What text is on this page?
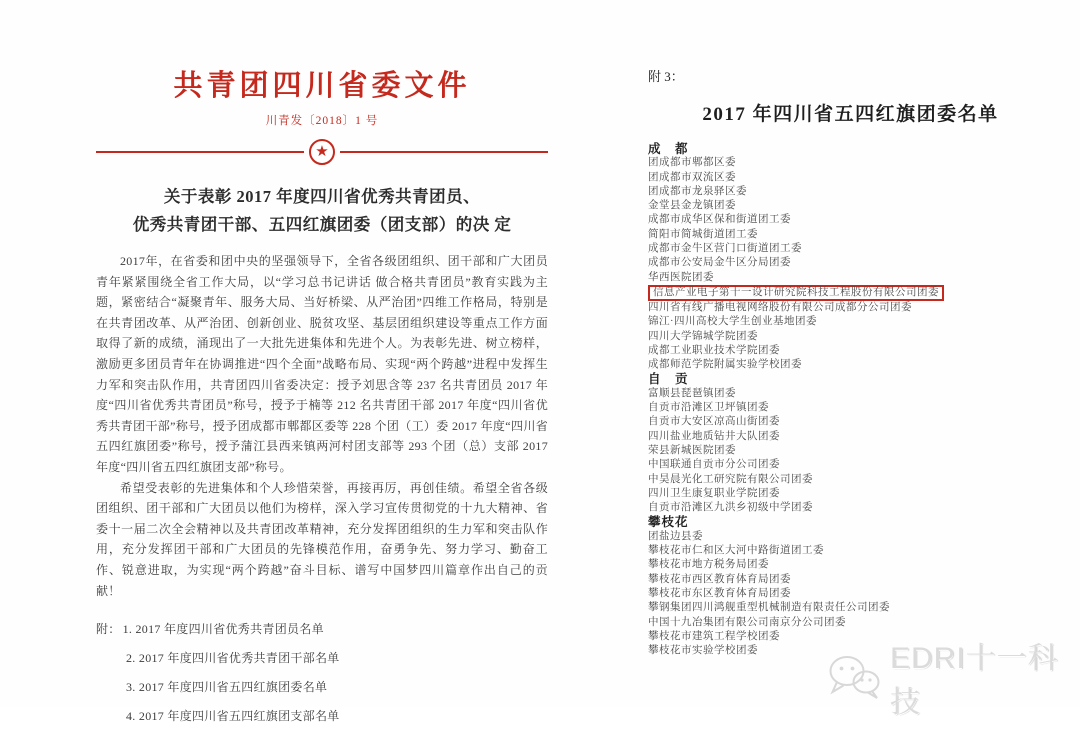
共青团四川省委文件
川青发〔2018〕1 号
★
关于表彰 2017 年度四川省优秀共青团员、
优秀共青团干部、五四红旗团委（团支部）的决 定

2017年，在省委和团中央的坚强领导下，全省各级团组织、团干部和广大团员青年紧紧围绕全省工作大局，以“学习总书记讲话 做合格共青团员”教育实践为主题，紧密结合“凝聚青年、服务大局、当好桥梁、从严治团”四维工作格局，特别是在共青团改革、从严治团、创新创业、脱贫攻坚、基层团组织建设等重点工作方面取得了新的成绩，涌现出了一大批先进集体和先进个人。为表彰先进、树立榜样，激励更多团员青年在协调推进“四个全面”战略布局、实现“两个跨越”进程中发挥生力军和突击队作用，共青团四川省委决定：授予刘思含等 237 名共青团员 2017 年度“四川省优秀共青团员”称号，授予于楠等 212 名共青团干部 2017 年度“四川省优秀共青团干部”称号，授予团成都市郫都区委等 228 个团（工）委 2017 年度“四川省五四红旗团委”称号，授予蒲江县西来镇两河村团支部等 293 个团（总）支部 2017 年度“四川省五四红旗团支部”称号。

希望受表彰的先进集体和个人珍惜荣誉，再接再厉，再创佳绩。希望全省各级团组织、团干部和广大团员以他们为榜样，深入学习宣传贯彻党的十九大精神、省委十一届二次全会精神以及共青团改革精神，充分发挥团组织的生力军和突击队作用，充分发挥团干部和广大团员的先锋模范作用，奋勇争先、努力学习、勤奋工作、锐意进取，为实现“两个跨越”奋斗目标、谱写中国梦四川篇章作出自己的贡献！

附： 1. 2017 年度四川省优秀共青团员名单
2. 2017 年度四川省优秀共青团干部名单
3. 2017 年度四川省五四红旗团委名单
4. 2017 年度四川省五四红旗团支部名单
附 3：
2017 年四川省五四红旗团委名单
成　都
团成都市郫都区委
团成都市双流区委
团成都市龙泉驿区委
金堂县金龙镇团委
成都市成华区保和街道团工委
简阳市简城街道团工委
成都市金牛区营门口街道团工委
成都市公安局金牛区分局团委
华西医院团委
信息产业电子第十一设计研究院科技工程股份有限公司团委
四川省有线广播电视网络股份有限公司成都分公司团委
锦江·四川高校大学生创业基地团委
四川大学锦城学院团委
成都工业职业技术学院团委
成都师范学院附属实验学校团委
自　贡
富顺县琵琶镇团委
自贡市沿滩区卫坪镇团委
自贡市大安区凉高山街团委
四川盐业地质钻井大队团委
荣县新城医院团委
中国联通自贡市分公司团委
中昊晨光化工研究院有限公司团委
四川卫生康复职业学院团委
自贡市沿滩区九洪乡初级中学团委
攀枝花
团盐边县委
攀枝花市仁和区大河中路街道团工委
攀枝花市地方税务局团委
攀枝花市西区教育体育局团委
攀枝花市东区教育体育局团委
攀钢集团四川鸿舰重型机械制造有限责任公司团委
中国十九冶集团有限公司南京分公司团委
攀枝花市建筑工程学校团委
攀枝花市实验学校团委	EDRI十一科技
